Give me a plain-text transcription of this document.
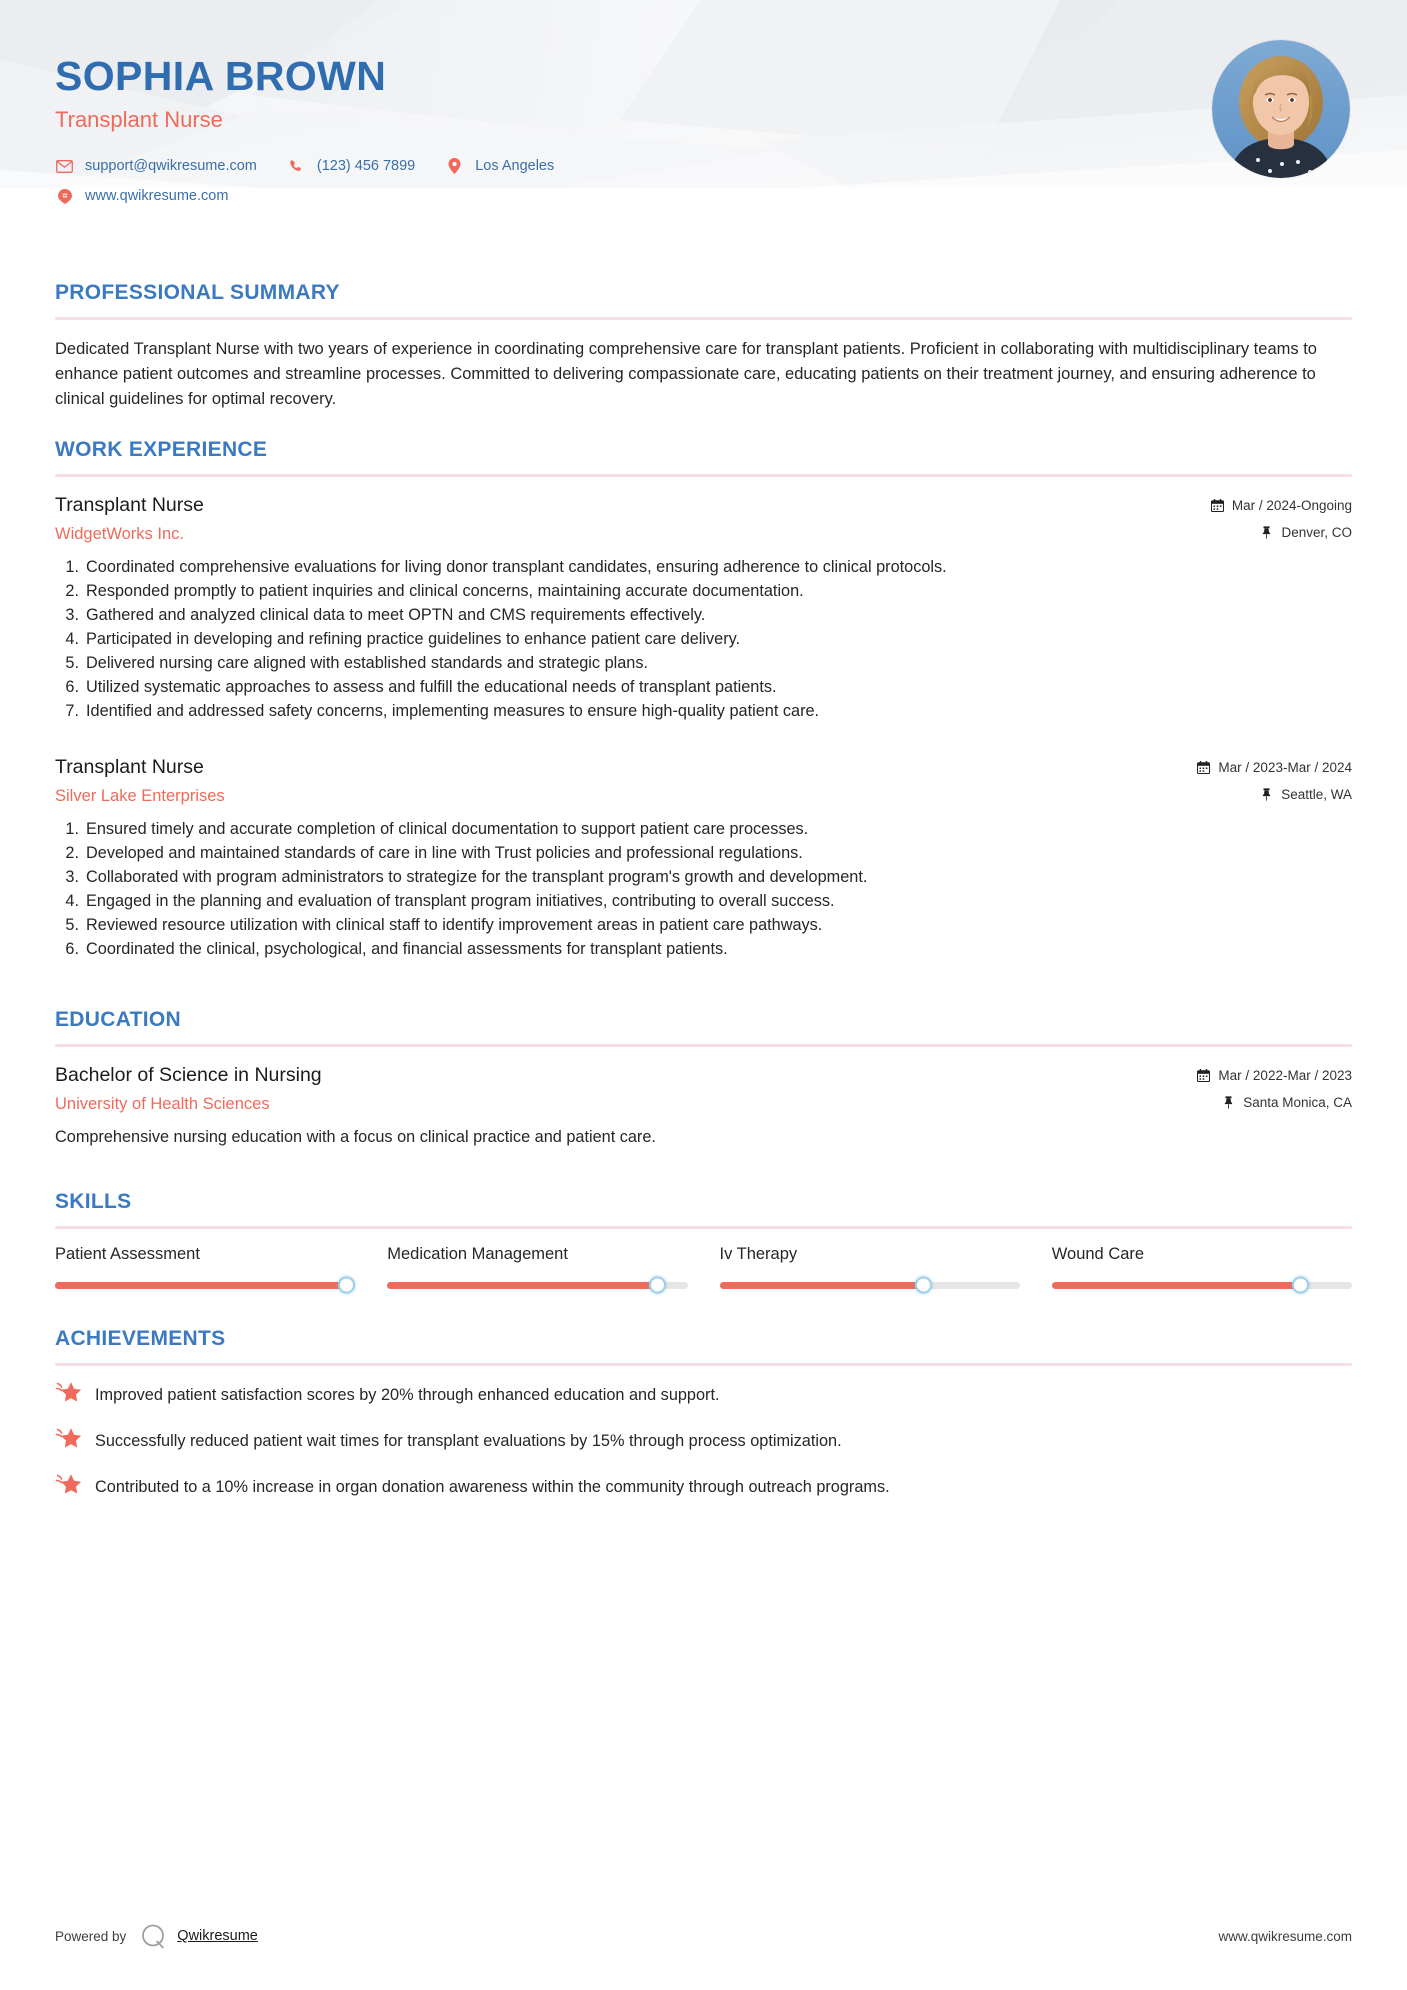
SOPHIA BROWN
Transplant Nurse
support@qwikresume.com	(123) 456 7899	Los Angeles
www.qwikresume.com
PROFESSIONAL SUMMARY

Dedicated Transplant Nurse with two years of experience in coordinating comprehensive care for transplant patients. Proficient in collaborating with multidisciplinary teams to enhance patient outcomes and streamline processes. Committed to delivering compassionate care, educating patients on their treatment journey, and ensuring adherence to clinical guidelines for optimal recovery.

WORK EXPERIENCE
Transplant Nurse
WidgetWorks Inc.
Mar / 2024-Ongoing
Denver, CO
1. Coordinated comprehensive evaluations for living donor transplant candidates, ensuring adherence to clinical protocols.
2. Responded promptly to patient inquiries and clinical concerns, maintaining accurate documentation.
3. Gathered and analyzed clinical data to meet OPTN and CMS requirements effectively.
4. Participated in developing and refining practice guidelines to enhance patient care delivery.
5. Delivered nursing care aligned with established standards and strategic plans.
6. Utilized systematic approaches to assess and fulfill the educational needs of transplant patients.
7. Identified and addressed safety concerns, implementing measures to ensure high-quality patient care.
Transplant Nurse
Silver Lake Enterprises
Mar / 2023-Mar / 2024
Seattle, WA
1. Ensured timely and accurate completion of clinical documentation to support patient care processes.
2. Developed and maintained standards of care in line with Trust policies and professional regulations.
3. Collaborated with program administrators to strategize for the transplant program's growth and development.
4. Engaged in the planning and evaluation of transplant program initiatives, contributing to overall success.
5. Reviewed resource utilization with clinical staff to identify improvement areas in patient care pathways.
6. Coordinated the clinical, psychological, and financial assessments for transplant patients.
EDUCATION
Bachelor of Science in Nursing
University of Health Sciences
Mar / 2022-Mar / 2023
Santa Monica, CA
Comprehensive nursing education with a focus on clinical practice and patient care.
SKILLS
Patient Assessment	Medication Management	Iv Therapy	Wound Care
ACHIEVEMENTS
Improved patient satisfaction scores by 20% through enhanced education and support.
Successfully reduced patient wait times for transplant evaluations by 15% through process optimization.
Contributed to a 10% increase in organ donation awareness within the community through outreach programs.
Powered by	Qwikresume	www.qwikresume.com
